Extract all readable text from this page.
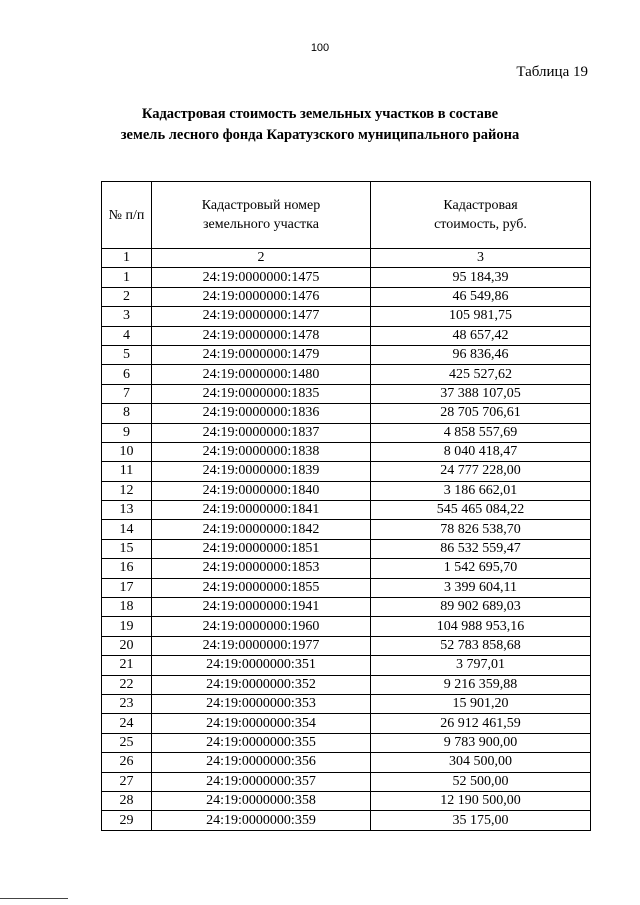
100
Таблица 19
Кадастровая стоимость земельных участков в составе
земель лесного фонда Каратузского муниципального района
№ п/п	Кадастровый номер земельного участка	Кадастровая стоимость, руб.
1	2	3
1	24:19:0000000:1475	95 184,39
2	24:19:0000000:1476	46 549,86
3	24:19:0000000:1477	105 981,75
4	24:19:0000000:1478	48 657,42
5	24:19:0000000:1479	96 836,46
6	24:19:0000000:1480	425 527,62
7	24:19:0000000:1835	37 388 107,05
8	24:19:0000000:1836	28 705 706,61
9	24:19:0000000:1837	4 858 557,69
10	24:19:0000000:1838	8 040 418,47
11	24:19:0000000:1839	24 777 228,00
12	24:19:0000000:1840	3 186 662,01
13	24:19:0000000:1841	545 465 084,22
14	24:19:0000000:1842	78 826 538,70
15	24:19:0000000:1851	86 532 559,47
16	24:19:0000000:1853	1 542 695,70
17	24:19:0000000:1855	3 399 604,11
18	24:19:0000000:1941	89 902 689,03
19	24:19:0000000:1960	104 988 953,16
20	24:19:0000000:1977	52 783 858,68
21	24:19:0000000:351	3 797,01
22	24:19:0000000:352	9 216 359,88
23	24:19:0000000:353	15 901,20
24	24:19:0000000:354	26 912 461,59
25	24:19:0000000:355	9 783 900,00
26	24:19:0000000:356	304 500,00
27	24:19:0000000:357	52 500,00
28	24:19:0000000:358	12 190 500,00
29	24:19:0000000:359	35 175,00
